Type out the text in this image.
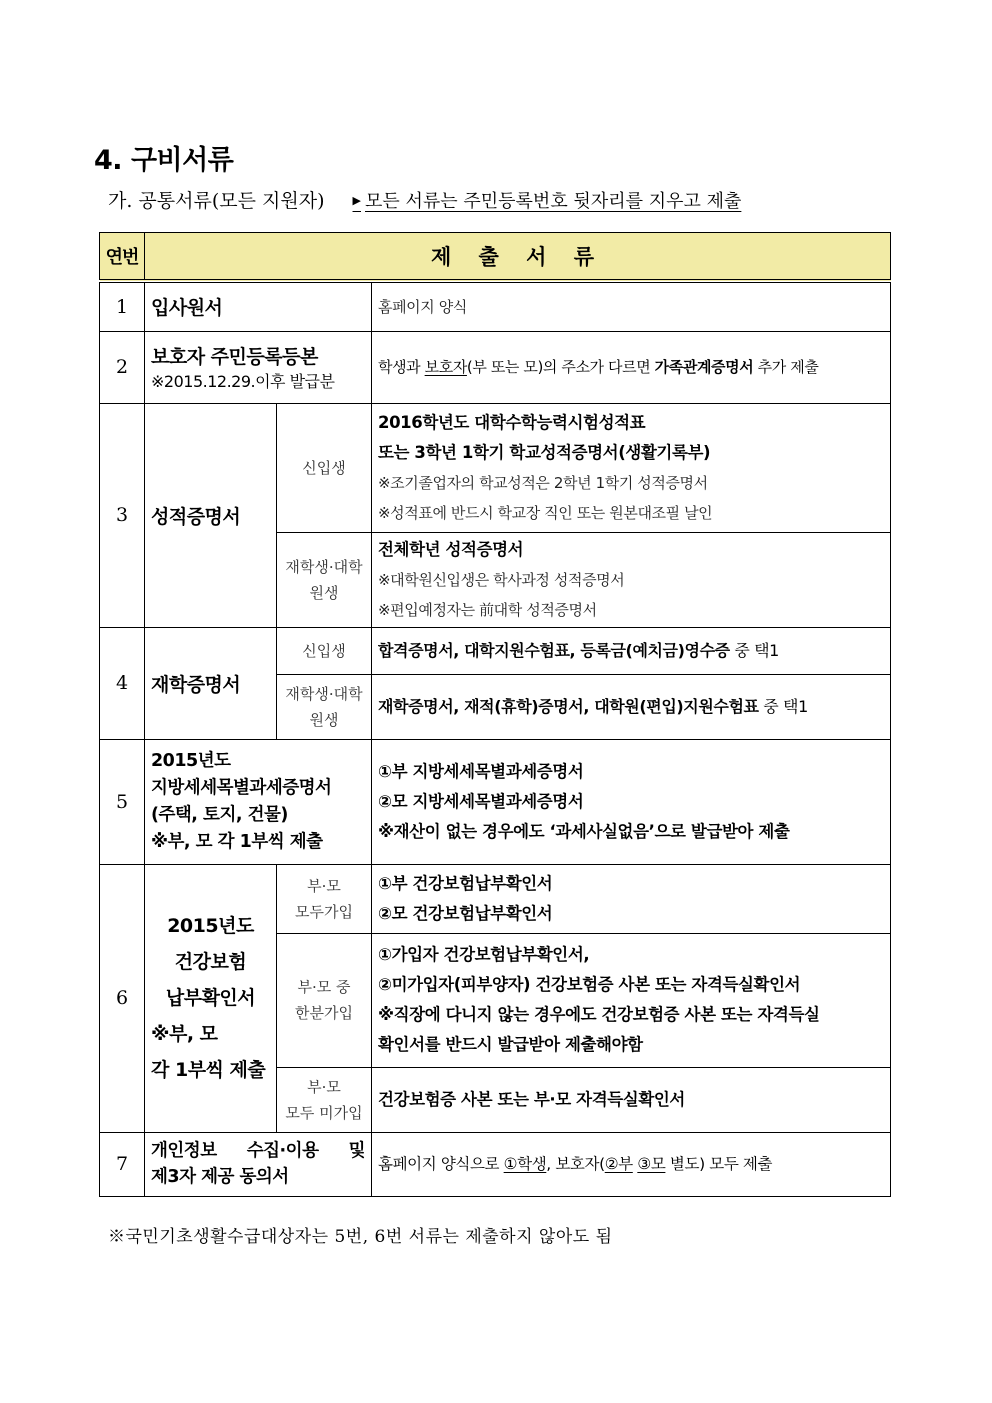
4. 구비서류
가. 공통서류(모든 지원자)	▶ 모든 서류는 주민등록번호 뒷자리를 지우고 제출
연번	제 출 서 류		
1	입사원서		홈페이지 양식

2	보호자 주민등록등본
※2015.12.29.이후 발급분		학생과 보호자(부 또는 모)의 주소가 다르면 가족관계증명서 추가 제출
3	성적증명서	신입생	2016학년도 대학수학능력시험성적표
또는 3학년 1학기 학교성적증명서(생활기록부)
※조기졸업자의 학교성적은 2학년 1학기 성적증명서
※성적표에 반드시 학교장 직인 또는 원본대조필 날인

		재학생·대학원생	전체학년 성적증명서
※대학원신입생은 학사과정 성적증명서
※편입예정자는 前대학 성적증명서

4	재학증명서	신입생	합격증명서, 대학지원수험표, 등록금(예치금)영수증 중 택1
		재학생·대학원생	재학증명서, 재적(휴학)증명서, 대학원(편입)지원수험표 중 택1
5	2015년도
지방세세목별과세증명서
(주택, 토지, 건물)
※부, 모 각 1부씩 제출		①부 지방세세목별과세증명서
②모 지방세세목별과세증명서
※재산이 없는 경우에도 ‘과세사실없음’으로 발급받아 제출

6	2015년도
건강보험
납부확인서
※부, 모
각 1부씩 제출	부·모
모두가입	①부 건강보험납부확인서
②모 건강보험납부확인서

		부·모 중
한분가입	①가입자 건강보험납부확인서,
②미가입자(피부양자) 건강보험증 사본 또는 자격득실확인서
※직장에 다니지 않는 경우에도 건강보험증 사본 또는 자격득실
확인서를 반드시 발급받아 제출해야함

		부·모
모두 미가입	건강보험증 사본 또는 부·모 자격득실확인서

7	개인정보 수집·이용 및
제3자 제공 동의서		홈페이지 양식으로 ①학생, 보호자(②부 ③모 별도) 모두 제출
※국민기초생활수급대상자는 5번, 6번 서류는 제출하지 않아도 됨
